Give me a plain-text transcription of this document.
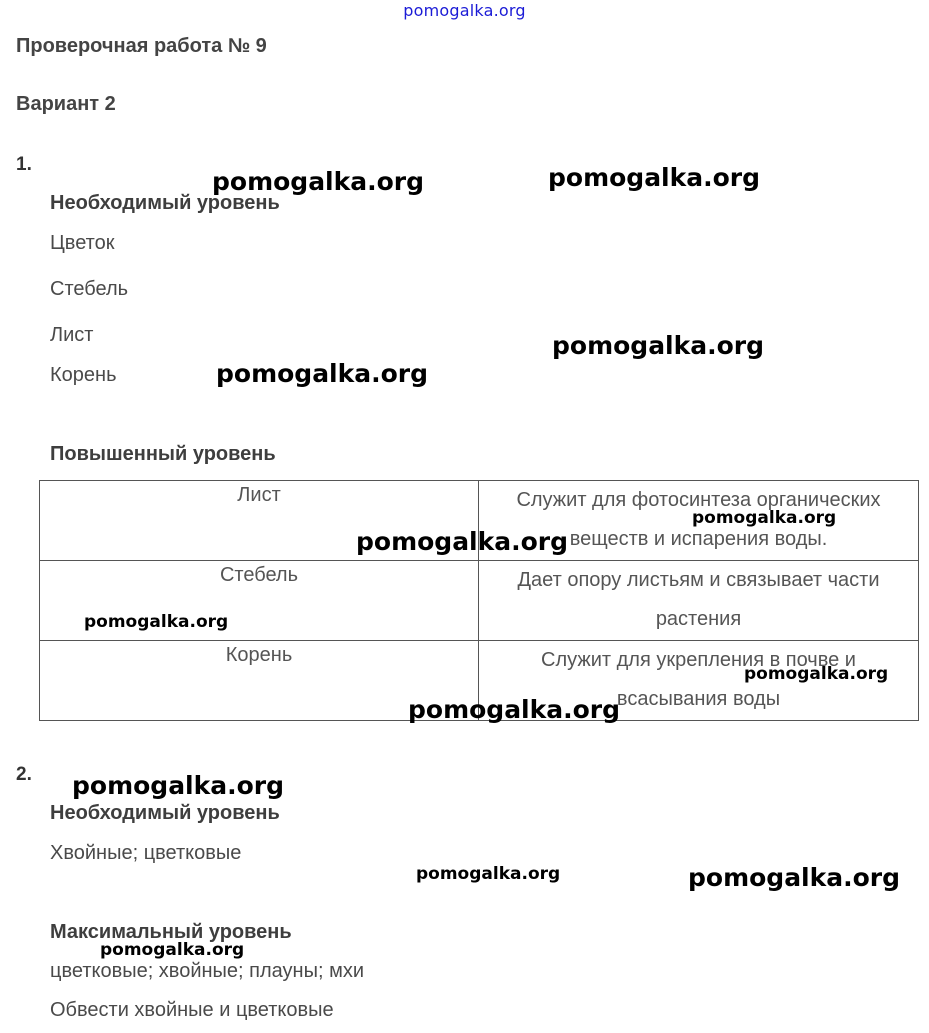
pomogalka.org
Проверочная работа № 9
Вариант 2
1.
Необходимый уровень
Цветок
Стебель
Лист
Корень
Повышенный уровень
Лист	Служит для фотосинтеза органических веществ и испарения воды.

Стебель	Дает опору листьям и связывает части растения

Корень	Служит для укрепления в почве и всасывания воды
2.
Необходимый уровень
Хвойные; цветковые
Максимальный уровень
цветковые; хвойные; плауны; мхи
Обвести хвойные и цветковые
pomogalka.org	pomogalka.org
pomogalka.org
pomogalka.org
pomogalka.org
pomogalka.org
pomogalka.org
pomogalka.org
pomogalka.org
pomogalka.org
pomogalka.org	pomogalka.org
pomogalka.org
